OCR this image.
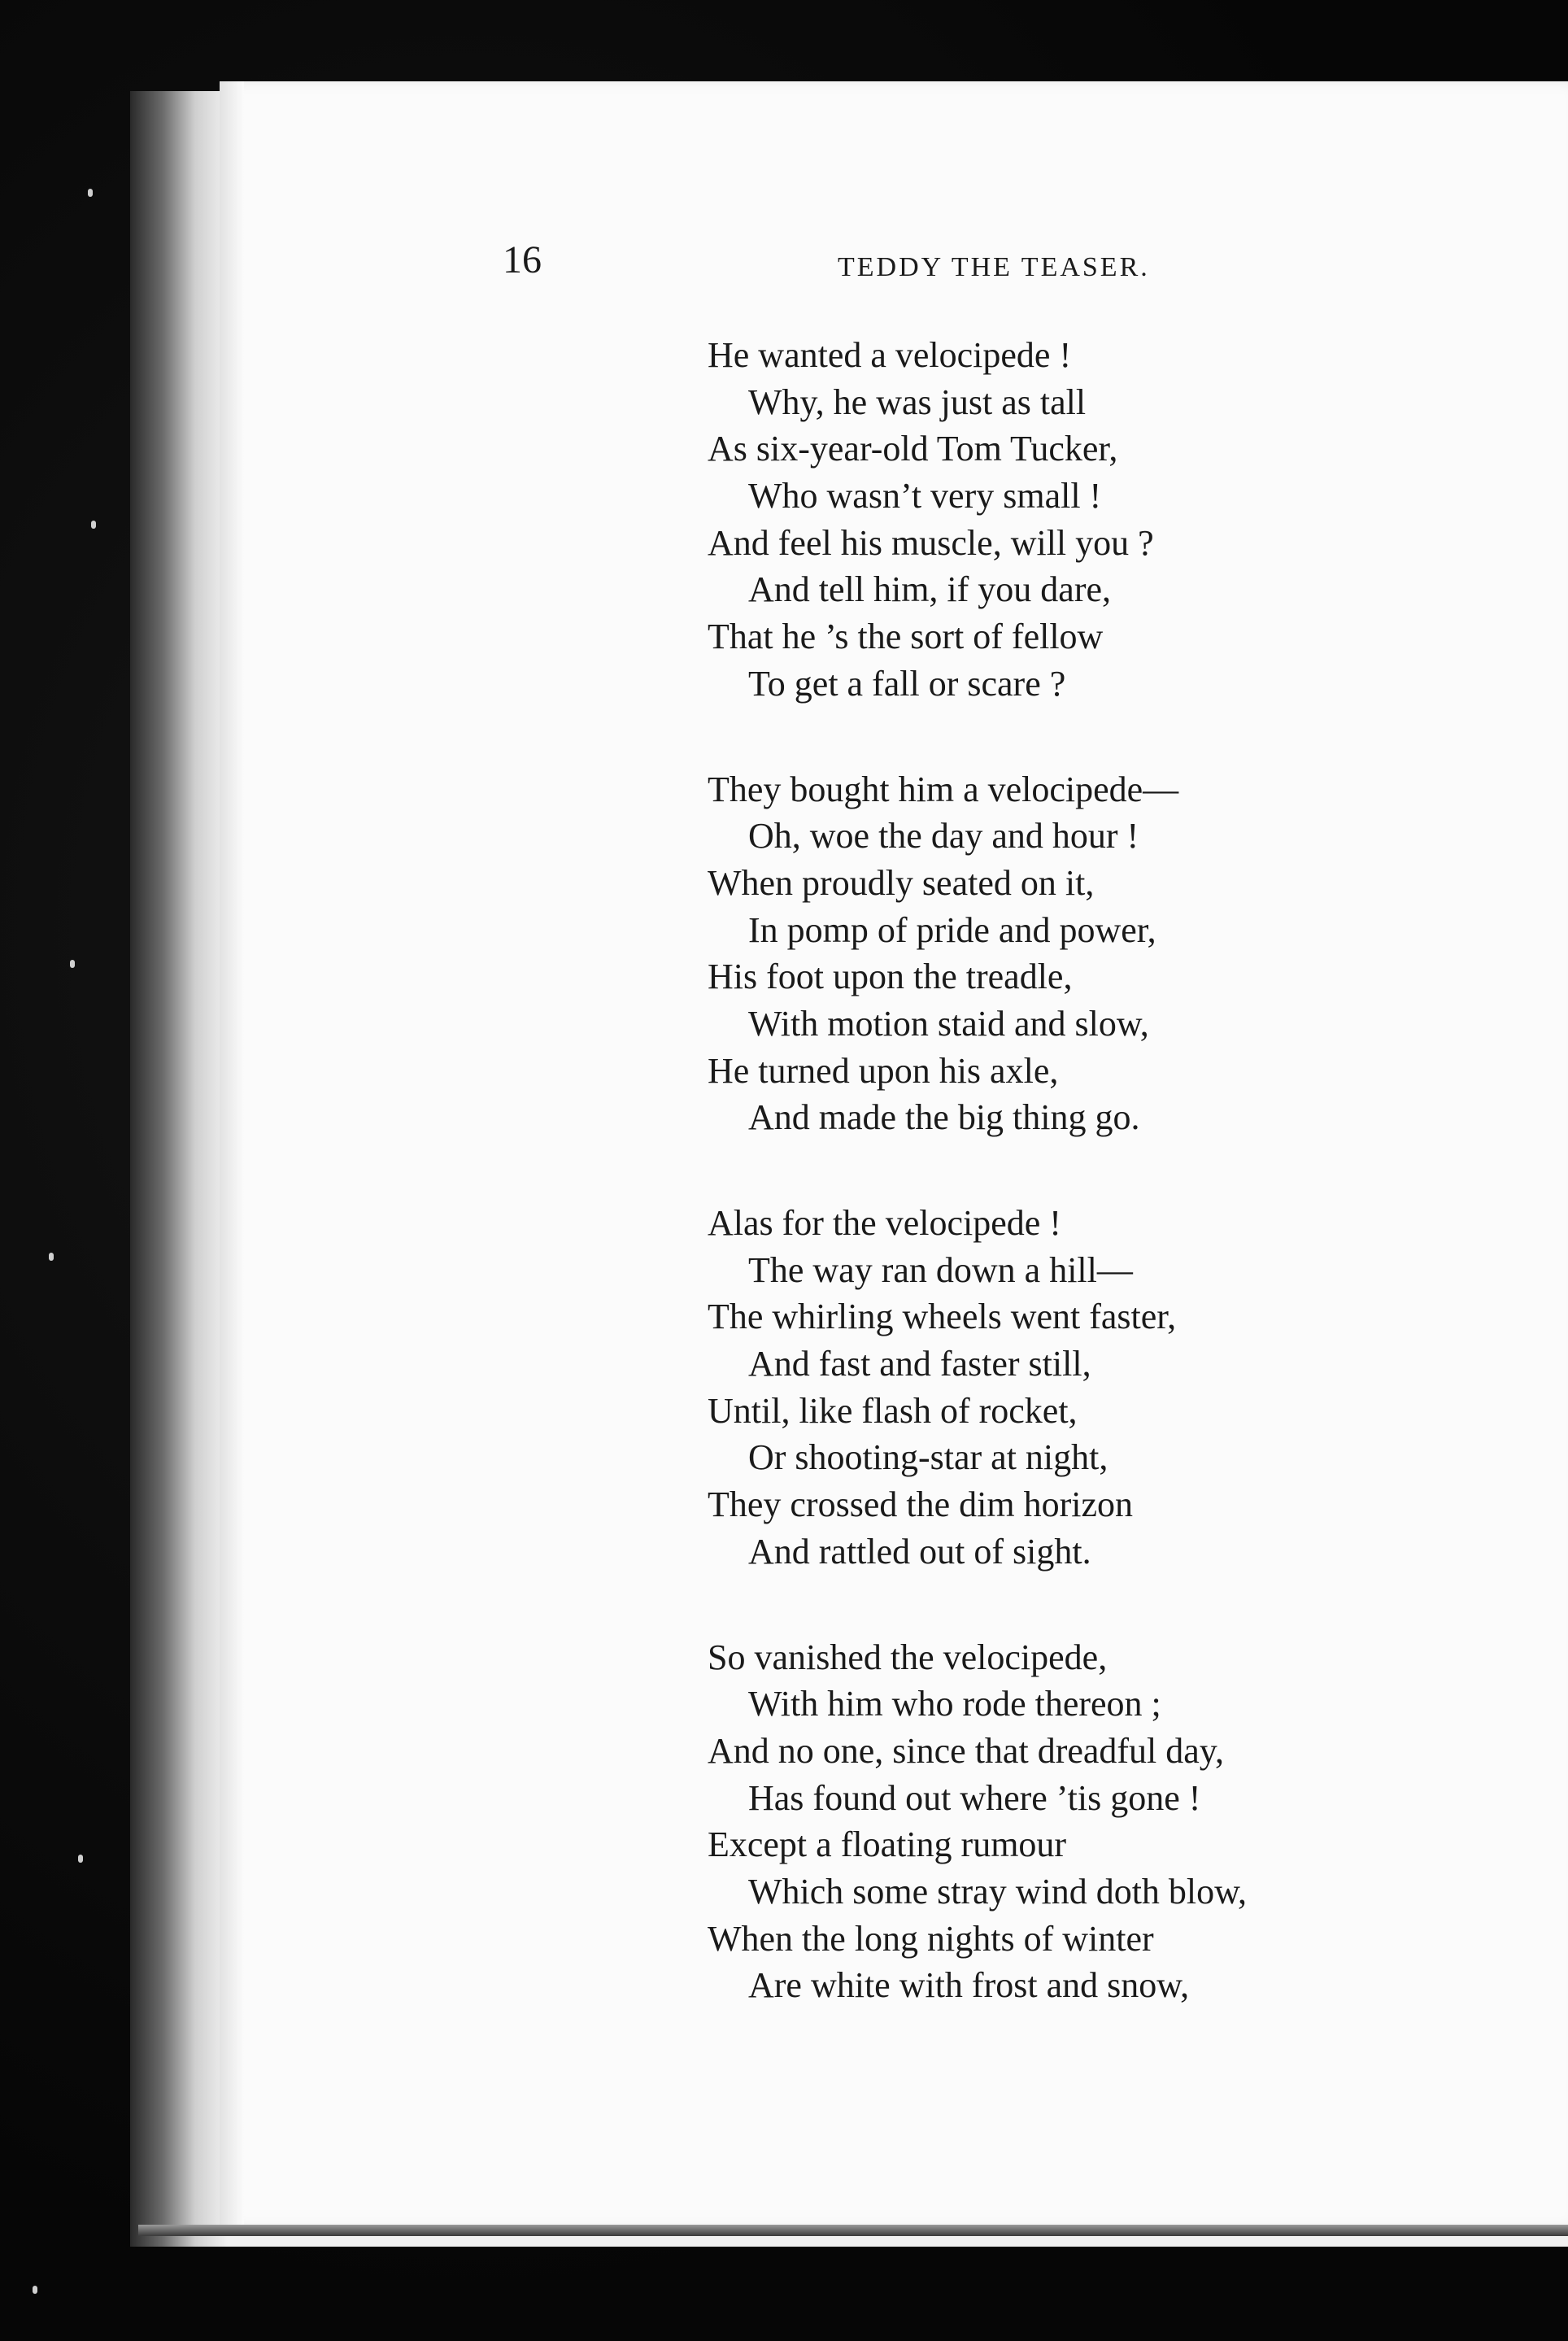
16	TEDDY THE TEASER.
He wanted a velocipede !
Why, he was just as tall
As six-year-old Tom Tucker,
Who wasn’t very small !
And feel his muscle, will you ?
And tell him, if you dare,
That he ’s the sort of fellow
To get a fall or scare ?
They bought him a velocipede—
Oh, woe the day and hour !
When proudly seated on it,
In pomp of pride and power,
His foot upon the treadle,
With motion staid and slow,
He turned upon his axle,
And made the big thing go.
Alas for the velocipede !
The way ran down a hill—
The whirling wheels went faster,
And fast and faster still,
Until, like flash of rocket,
Or shooting-star at night,
They crossed the dim horizon
And rattled out of sight.
So vanished the velocipede,
With him who rode thereon ;
And no one, since that dreadful day,
Has found out where ’tis gone !
Except a floating rumour
Which some stray wind doth blow,
When the long nights of winter
Are white with frost and snow,
